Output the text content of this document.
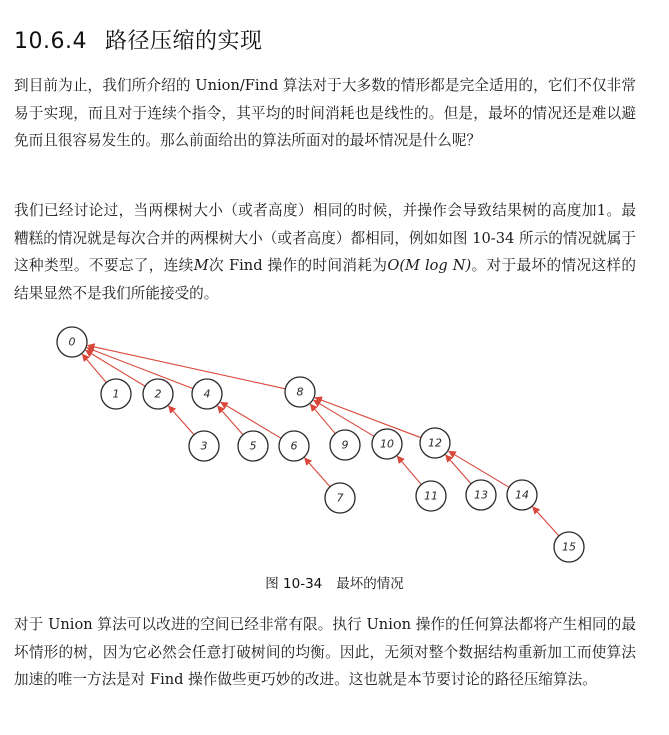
10.6.4 路径压缩的实现
到目前为止，我们所介绍的 Union/Find 算法对于大多数的情形都是完全适用的，它们不仅非常易于实现，而且对于连续个指令，其平均的时间消耗也是线性的。但是，最坏的情况还是难以避免而且很容易发生的。那么前面给出的算法所面对的最坏情况是什么呢？
我们已经讨论过，当两棵树大小（或者高度）相同的时候，并操作会导致结果树的高度加1。最糟糕的情况就是每次合并的两棵树大小（或者高度）都相同，例如如图 10-34 所示的情况就属于这种类型。不要忘了，连续M次 Find 操作的时间消耗为O(M log N)。对于最坏的情况这样的结果显然不是我们所能接受的。
0
1	2
3
4
5	6
7
8
9	10
11
12
13 14
15
图 10-34 最坏的情况
对于 Union 算法可以改进的空间已经非常有限。执行 Union 操作的任何算法都将产生相同的最坏情形的树，因为它必然会任意打破树间的均衡。因此，无须对整个数据结构重新加工而使算法加速的唯一方法是对 Find 操作做些更巧妙的改进。这也就是本节要讨论的路径压缩算法。
